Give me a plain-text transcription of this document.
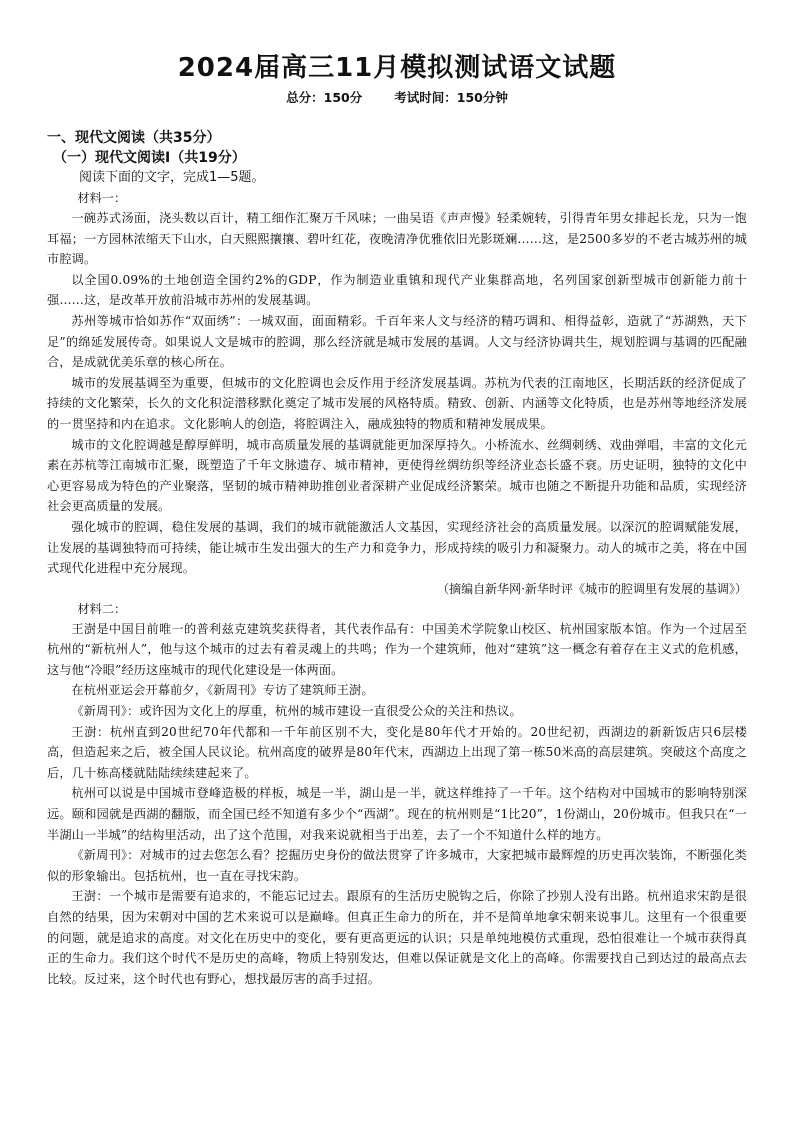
2024届高三11月模拟测试语文试题
总分：150分	考试时间：150分钟
一、现代文阅读（共35分）
（一）现代文阅读Ⅰ（共19分）
阅读下面的文字，完成1—5题。
材料一：

一碗苏式汤面，浇头数以百计，精工细作汇聚万千风味；一曲吴语《声声慢》轻柔婉转，引得青年男女排起长龙，只为一饱耳福；一方园林浓缩天下山水，白天熙熙攘攘、碧叶红花，夜晚清净优雅依旧光影斑斓……这，是2500多岁的不老古城苏州的城市腔调。

以全国0.09%的土地创造全国约2%的GDP，作为制造业重镇和现代产业集群高地，名列国家创新型城市创新能力前十强……这，是改革开放前沿城市苏州的发展基调。

苏州等城市恰如苏作“双面绣”：一城双面，面面精彩。千百年来人文与经济的精巧调和、相得益彰，造就了“苏湖熟，天下足”的绵延发展传奇。如果说人文是城市的腔调，那么经济就是城市发展的基调。人文与经济协调共生，规划腔调与基调的匹配融合，是成就优美乐章的核心所在。

城市的发展基调至为重要，但城市的文化腔调也会反作用于经济发展基调。苏杭为代表的江南地区，长期活跃的经济促成了持续的文化繁荣，长久的文化积淀潜移默化奠定了城市发展的风格特质。精致、创新、内涵等文化特质，也是苏州等地经济发展的一贯坚持和内在追求。文化影响人的创造，将腔调注入，融成独特的物质和精神发展成果。

城市的文化腔调越是醇厚鲜明，城市高质量发展的基调就能更加深厚持久。小桥流水、丝绸刺绣、戏曲弹唱，丰富的文化元素在苏杭等江南城市汇聚，既塑造了千年文脉遗存、城市精神，更使得丝绸纺织等经济业态长盛不衰。历史证明，独特的文化中心更容易成为特色的产业聚落，坚韧的城市精神助推创业者深耕产业促成经济繁荣。城市也随之不断提升功能和品质，实现经济社会更高质量的发展。

强化城市的腔调，稳住发展的基调，我们的城市就能激活人文基因，实现经济社会的高质量发展。以深沉的腔调赋能发展，让发展的基调独特而可持续，能让城市生发出强大的生产力和竞争力，形成持续的吸引力和凝聚力。动人的城市之美，将在中国式现代化进程中充分展现。

（摘编自新华网·新华时评《城市的腔调里有发展的基调》）

材料二：

王澍是中国目前唯一的普利兹克建筑奖获得者，其代表作品有：中国美术学院象山校区、杭州国家版本馆。作为一个过居至杭州的“新杭州人”，他与这个城市的过去有着灵魂上的共鸣；作为一个建筑师，他对“建筑”这一概念有着存在主义式的危机感，这与他“冷眼”经历这座城市的现代化建设是一体两面。

在杭州亚运会开幕前夕，《新周刊》专访了建筑师王澍。

《新周刊》：或许因为文化上的厚重，杭州的城市建设一直很受公众的关注和热议。

王澍：杭州直到20世纪70年代都和一千年前区别不大，变化是80年代才开始的。20世纪初，西湖边的新新饭店只6层楼高，但造起来之后，被全国人民议论。杭州高度的破界是80年代末，西湖边上出现了第一栋50米高的高层建筑。突破这个高度之后，几十栋高楼就陆陆续续建起来了。

杭州可以说是中国城市登峰造极的样板，城是一半，湖山是一半，就这样维持了一千年。这个结构对中国城市的影响特别深远。颐和园就是西湖的翻版，而全国已经不知道有多少个“西湖”。现在的杭州则是“1比20”，1份湖山，20份城市。但我只在“一半湖山一半城”的结构里活动，出了这个范围，对我来说就相当于出差，去了一个不知道什么样的地方。

《新周刊》：对城市的过去您怎么看？挖掘历史身份的做法贯穿了许多城市，大家把城市最辉煌的历史再次装饰，不断强化类似的形象输出。包括杭州，也一直在寻找宋韵。

王澍：一个城市是需要有追求的，不能忘记过去。跟原有的生活历史脱钩之后，你除了抄别人没有出路。杭州追求宋韵是很自然的结果，因为宋朝对中国的艺术来说可以是巅峰。但真正生命力的所在，并不是简单地拿宋朝来说事儿。这里有一个很重要的问题，就是追求的高度。对文化在历史中的变化，要有更高更远的认识；只是单纯地模仿式重现，恐怕很难让一个城市获得真正的生命力。我们这个时代不是历史的高峰，物质上特别发达，但难以保证就是文化上的高峰。你需要找自己到达过的最高点去比较。反过来，这个时代也有野心，想找最厉害的高手过招。
